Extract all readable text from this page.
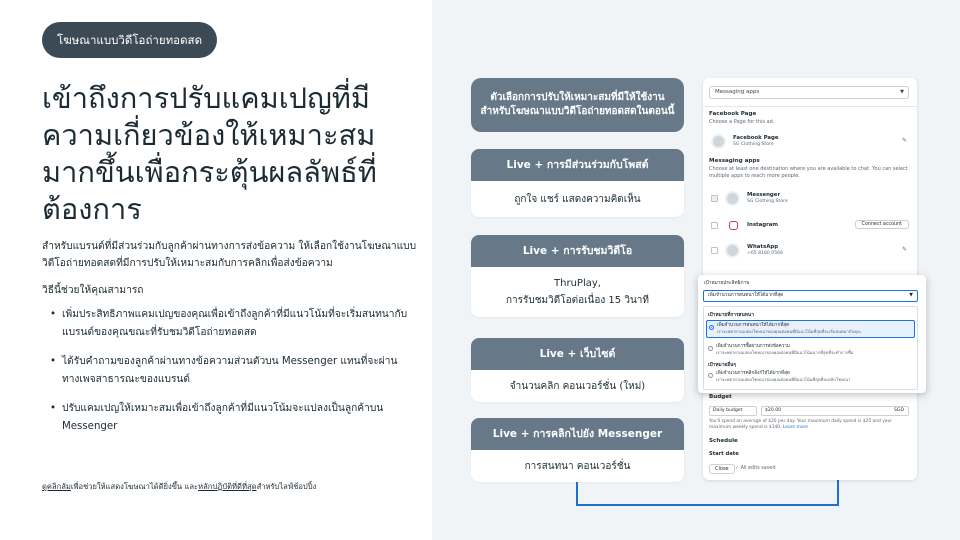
โฆษณาแบบวิดีโอถ่ายทอดสด
เข้าถึงการปรับแคมเปญที่มีความเกี่ยวข้องให้เหมาะสมมากขึ้นเพื่อกระตุ้นผลลัพธ์ที่ต้องการ

สำหรับแบรนด์ที่มีส่วนร่วมกับลูกค้าผ่านทางการส่งข้อความ ให้เลือกใช้งานโฆษณาแบบวิดีโอถ่ายทอดสดที่มีการปรับให้เหมาะสมกับการคลิกเพื่อส่งข้อความ

วิธีนี้ช่วยให้คุณสามารถ

• เพิ่มประสิทธิภาพแคมเปญของคุณเพื่อเข้าถึงลูกค้าที่มีแนวโน้มที่จะเริ่มสนทนากับแบรนด์ของคุณขณะที่รับชมวิดีโอถ่ายทอดสด
• ได้รับคำถามของลูกค้าผ่านทางข้อความส่วนตัวบน Messenger แทนที่จะผ่านทางเพจสาธารณะของแบรนด์
• ปรับแคมเปญให้เหมาะสมเพื่อเข้าถึงลูกค้าที่มีแนวโน้มจะแปลงเป็นลูกค้าบน Messenger
ดูคลิกลัมเพื่อช่วยให้แสดงโฆษณาได้ดียิ่งขึ้น และหลักปฏิบัติที่ดีที่สุดสำหรับไลฟ์ช้อปปิ้ง
ตัวเลือกการปรับให้เหมาะสมที่มีให้ใช้งาน
สำหรับโฆษณาแบบวิดีโอถ่ายทอดสดในตอนนี้
Live + การมีส่วนร่วมกับโพสต์
ถูกใจ แชร์ แสดงความคิดเห็น
Live + การรับชมวิดีโอ
ThruPlay,
การรับชมวิดีโอต่อเนื่อง 15 วินาที
Live + เว็บไซต์
จำนวนคลิก คอนเวอร์ชั่น (ใหม่)
Live + การคลิกไปยัง Messenger
การสนทนา คอนเวอร์ชั่น
Messaging apps	▼
Facebook Page
Choose a Page for this ad.
Facebook Page
SG Clothing Store
✎
Messaging apps
Choose at least one destination where you are available to chat. You can select multiple apps to reach more people.
Messenger
SG Clothing Store
Instagram	Connect account
WhatsApp
+65 8160 0566
✎
Budget
Daily budget	$20.00	SGD
You'll spend an average of $20 per day. Your maximum daily spend is $25 and your maximum weekly spend is $140. Learn more
Schedule
Start date
Close	✓ All edits saved
เป้าหมายประสิทธิภาพ
เพิ่มจำนวนการสนทนาให้ได้มากที่สุด	▼
เป้าหมายที่การสนทนา
เพิ่มจำนวนการสนทนาให้ได้มากที่สุด
เราจะพยายามแสดงโฆษณาของคุณต่อคนที่มีแนวโน้มที่สุดที่จะเริ่มสนทนากับคุณ
เพิ่มจำนวนการซื้อผ่านการส่งข้อความ
เราจะพยายามแสดงโฆษณาของคุณต่อคนที่มีแนวโน้มมากที่สุดที่จะทำการซื้อ
เป้าหมายอื่นๆ
เพิ่มจำนวนการคลิกลิงก์ให้ได้มากที่สุด
เราจะพยายามแสดงโฆษณาของคุณต่อคนที่มีแนวโน้มที่สุดที่จะคลิกโฆษณา
